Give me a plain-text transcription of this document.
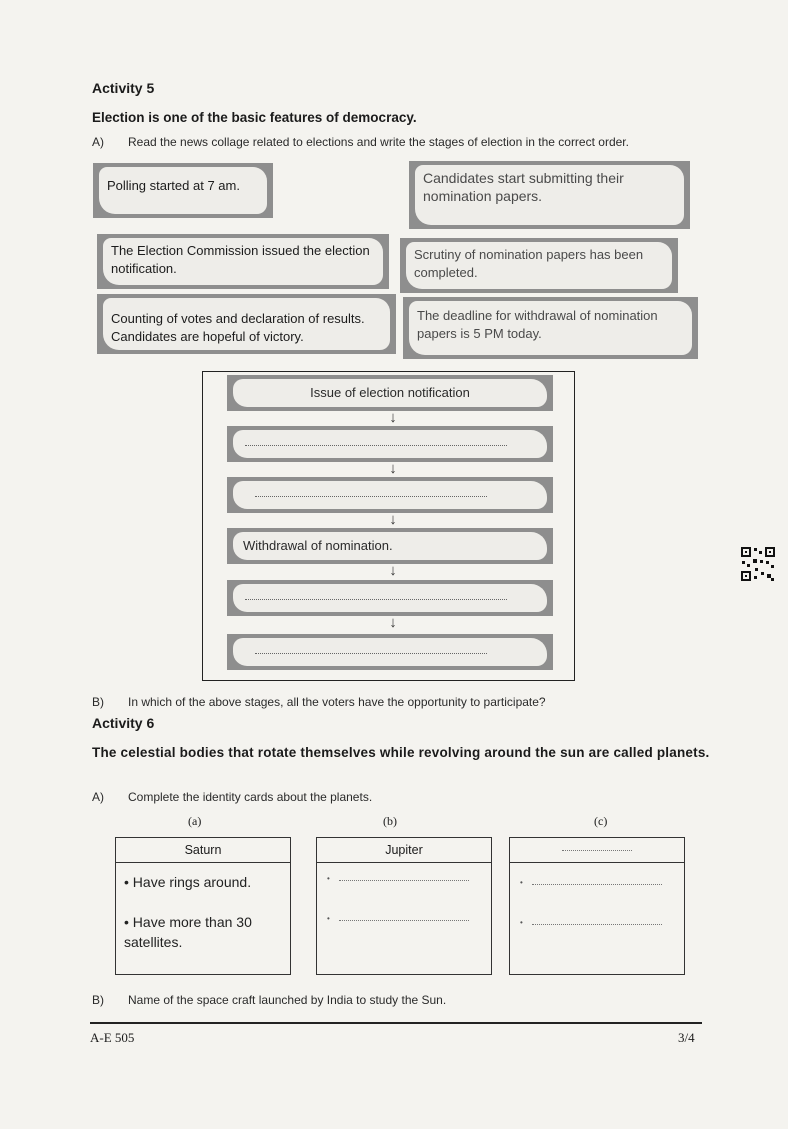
Activity 5
Election is one of the basic features of democracy.
A) Read the news collage related to elections and write the stages of election in the correct order.
Polling started at 7 am.	Candidates start submitting their nomination papers.
The Election Commission issued the election notification.
Scrutiny of nomination papers has been completed.
Counting of votes and declaration of results. Candidates are hopeful of victory.
The deadline for withdrawal of nomination papers is 5 PM today.
Issue of election notification
↓
↓
↓
Withdrawal of nomination.
↓
↓
B) In which of the above stages, all the voters have the opportunity to participate?
Activity 6
The celestial bodies that rotate themselves while revolving around the sun are called planets.
A) Complete the identity cards about the planets.
(a)	(b)	(c)
Saturn
• Have rings around.
• Have more than 30 satellites.
Jupiter
•
•
•
•
B) Name of the space craft launched by India to study the Sun.
A-E 505	3/4
